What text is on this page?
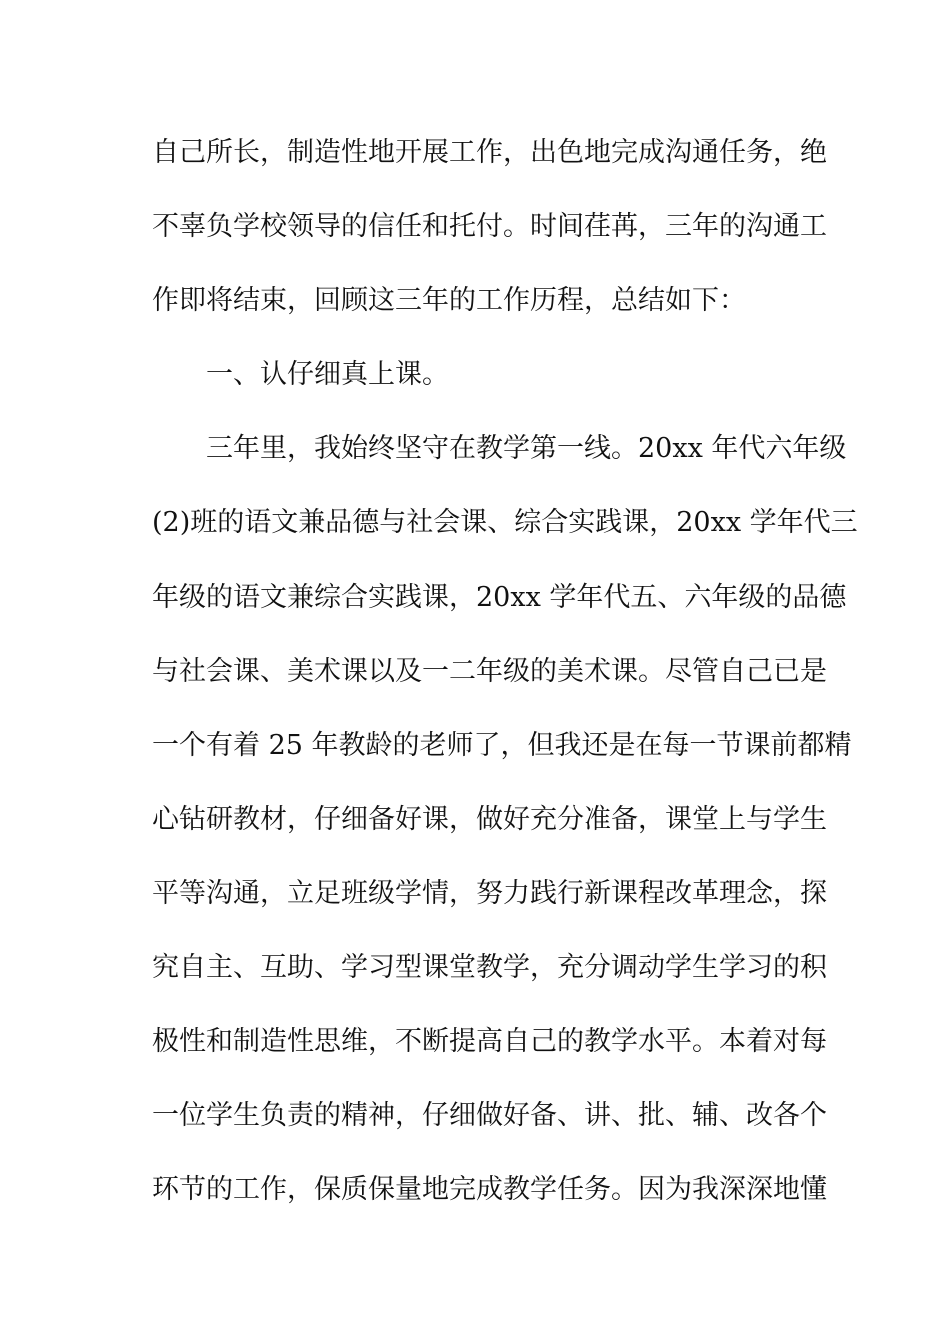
自己所长，制造性地开展工作，出色地完成沟通任务，绝
不辜负学校领导的信任和托付。时间荏苒，三年的沟通工
作即将结束，回顾这三年的工作历程，总结如下：
一、认仔细真上课。
三年里，我始终坚守在教学第一线。20xx 年代六年级
(2)班的语文兼品德与社会课、综合实践课，20xx 学年代三
年级的语文兼综合实践课，20xx 学年代五、六年级的品德
与社会课、美术课以及一二年级的美术课。尽管自己已是
一个有着 25 年教龄的老师了，但我还是在每一节课前都精
心钻研教材，仔细备好课，做好充分准备，课堂上与学生
平等沟通，立足班级学情，努力践行新课程改革理念，探
究自主、互助、学习型课堂教学，充分调动学生学习的积
极性和制造性思维，不断提高自己的教学水平。本着对每
一位学生负责的精神，仔细做好备、讲、批、辅、改各个
环节的工作，保质保量地完成教学任务。因为我深深地懂
